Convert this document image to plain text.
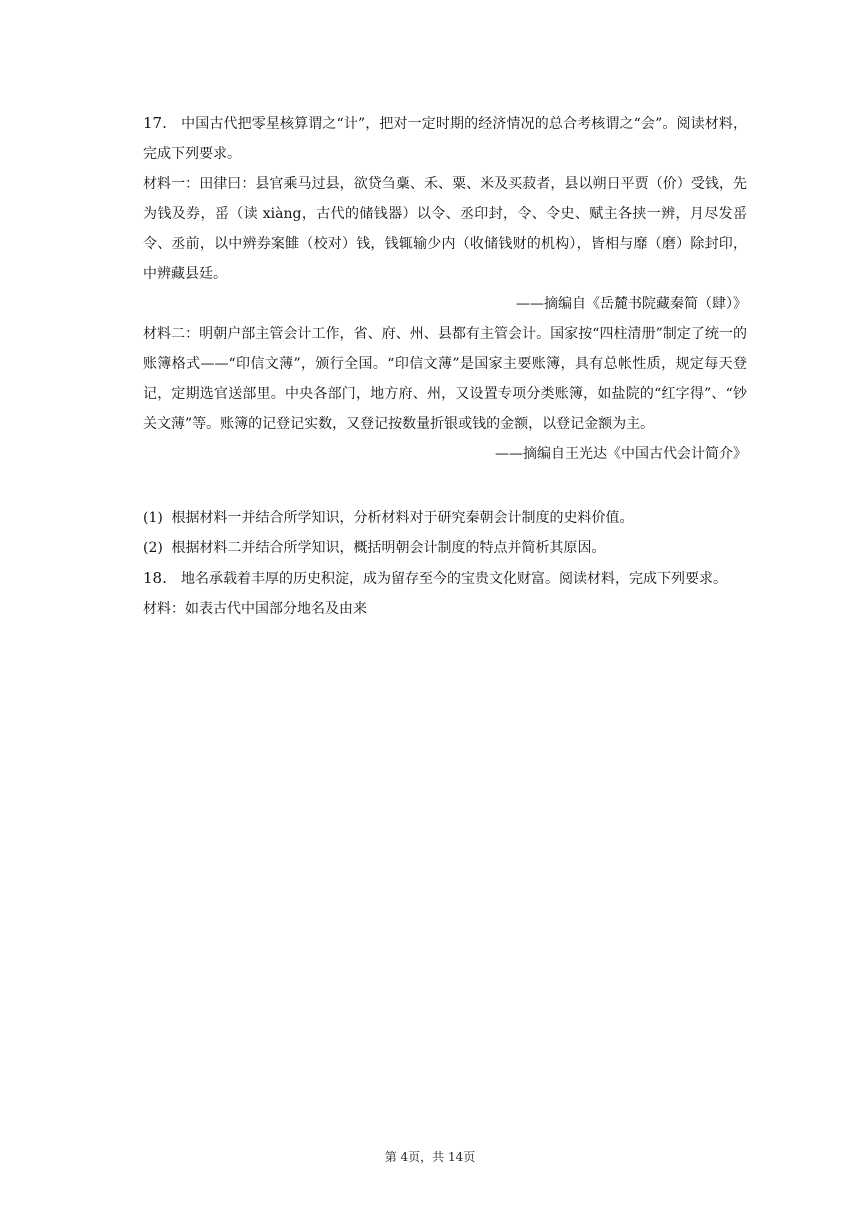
17. 中国古代把零星核算谓之“计”，把对一定时期的经济情况的总合考核谓之“会”。阅读材料，完成下列要求。

材料一：田律曰：县官乘马过县，欲贷刍稾、禾、粟、米及买菽者，县以朔日平贾（价）受钱，先为钱及券，䍃（读 xiàng，古代的储钱器）以令、丞印封，令、令史、赋主各挟一辨，月尽发䍃令、丞前，以中辨券案雔（校对）钱，钱辄输少内（收储钱财的机构），皆相与靡（磨）除封印，中辨藏县廷。

——摘编自《岳麓书院藏秦简（肆）》

材料二：明朝户部主管会计工作，省、府、州、县都有主管会计。国家按“四柱清册”制定了统一的账簿格式——“印信文薄”，颁行全国。“印信文薄”是国家主要账簿，具有总帐性质，规定每天登记，定期选官送部里。中央各部门，地方府、州，又设置专项分类账簿，如盐院的“红字得”、“钞关文薄”等。账簿的记登记实数，又登记按数量折银或钱的金额，以登记金额为主。

——摘编自王光达《中国古代会计简介》

(1) 根据材料一并结合所学知识，分析材料对于研究秦朝会计制度的史料价值。

(2) 根据材料二并结合所学知识，概括明朝会计制度的特点并简析其原因。

18. 地名承载着丰厚的历史积淀，成为留存至今的宝贵文化财富。阅读材料，完成下列要求。

材料：如表古代中国部分地名及由来

第 4页，共 14页
